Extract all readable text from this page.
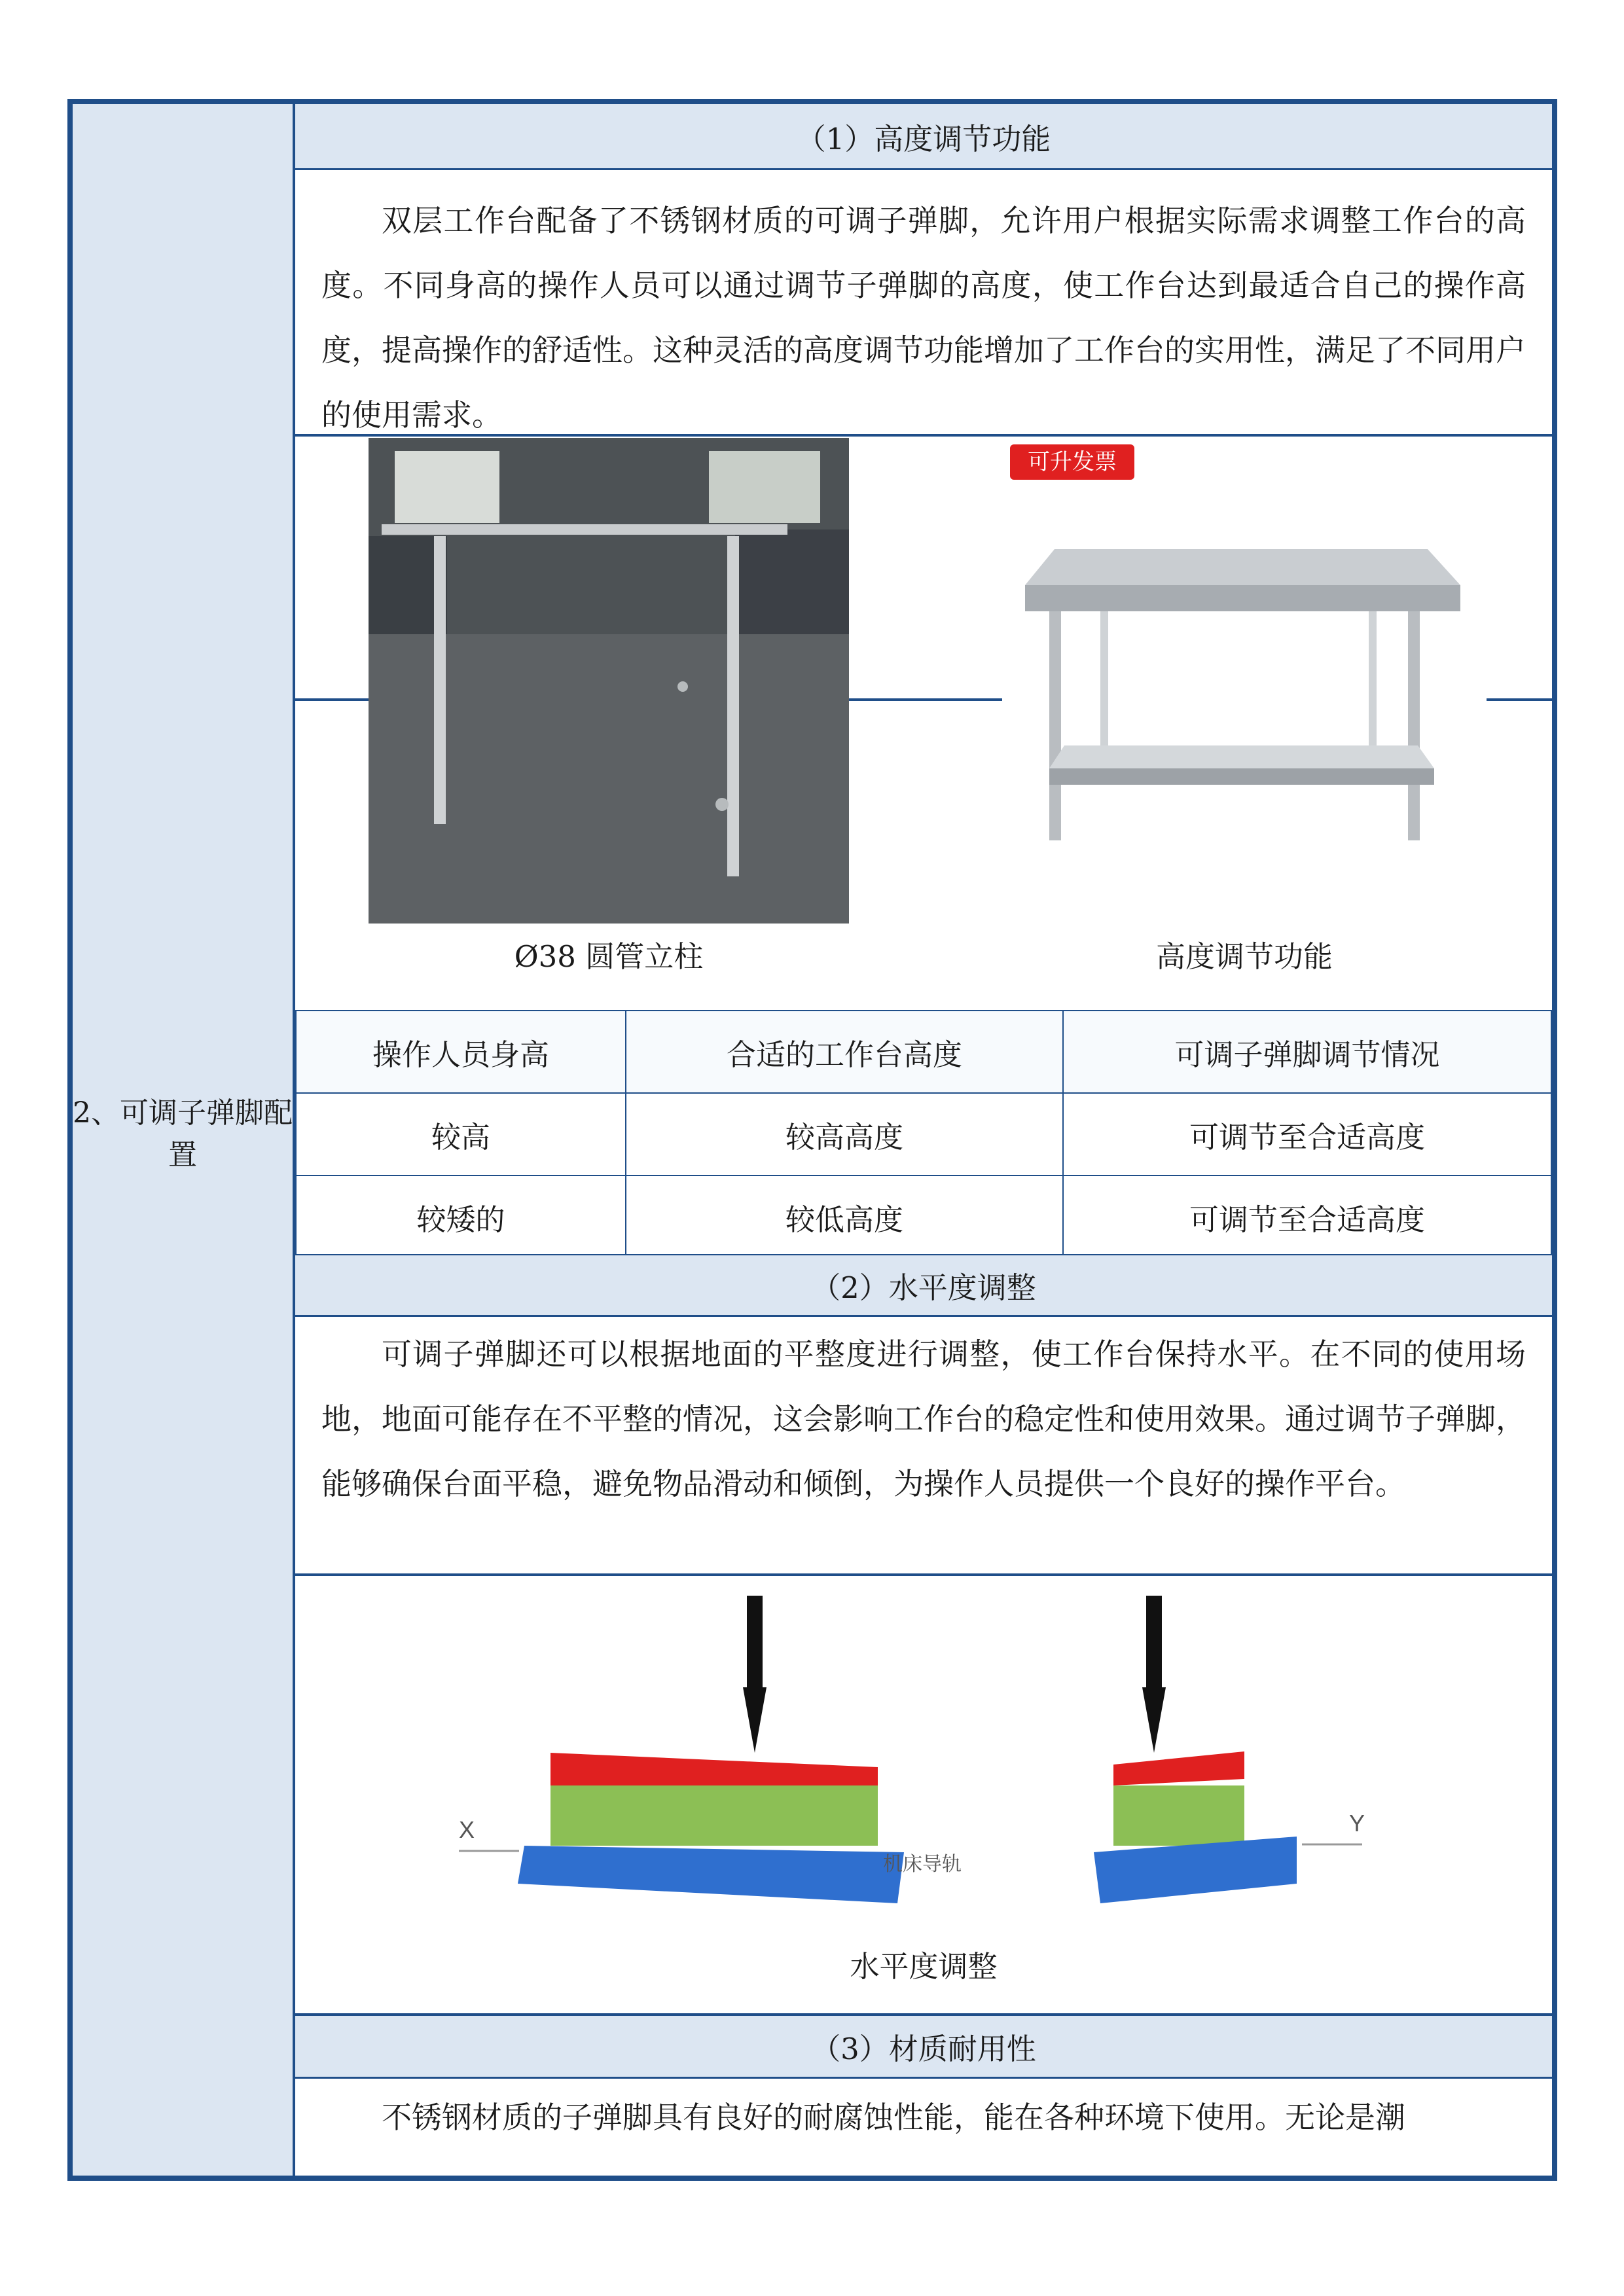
2、可调子弹脚配置
（1）高度调节功能
双层工作台配备了不锈钢材质的可调子弹脚，允许用户根据实际需求调整工作台的高度。不同身高的操作人员可以通过调节子弹脚的高度，使工作台达到最适合自己的操作高度，提高操作的舒适性。这种灵活的高度调节功能增加了工作台的实用性，满足了不同用户的使用需求。
Ø38 圆管立柱
可升发票
高度调节功能
操作人员身高	合适的工作台高度	可调子弹脚调节情况
较高	较高高度	可调节至合适高度
较矮的	较低高度	可调节至合适高度
（2）水平度调整
可调子弹脚还可以根据地面的平整度进行调整，使工作台保持水平。在不同的使用场地，地面可能存在不平整的情况，这会影响工作台的稳定性和使用效果。通过调节子弹脚，能够确保台面平稳，避免物品滑动和倾倒，为操作人员提供一个良好的操作平台。
X
机床导轨
Y
水平度调整
（3）材质耐用性
不锈钢材质的子弹脚具有良好的耐腐蚀性能，能在各种环境下使用。无论是潮
